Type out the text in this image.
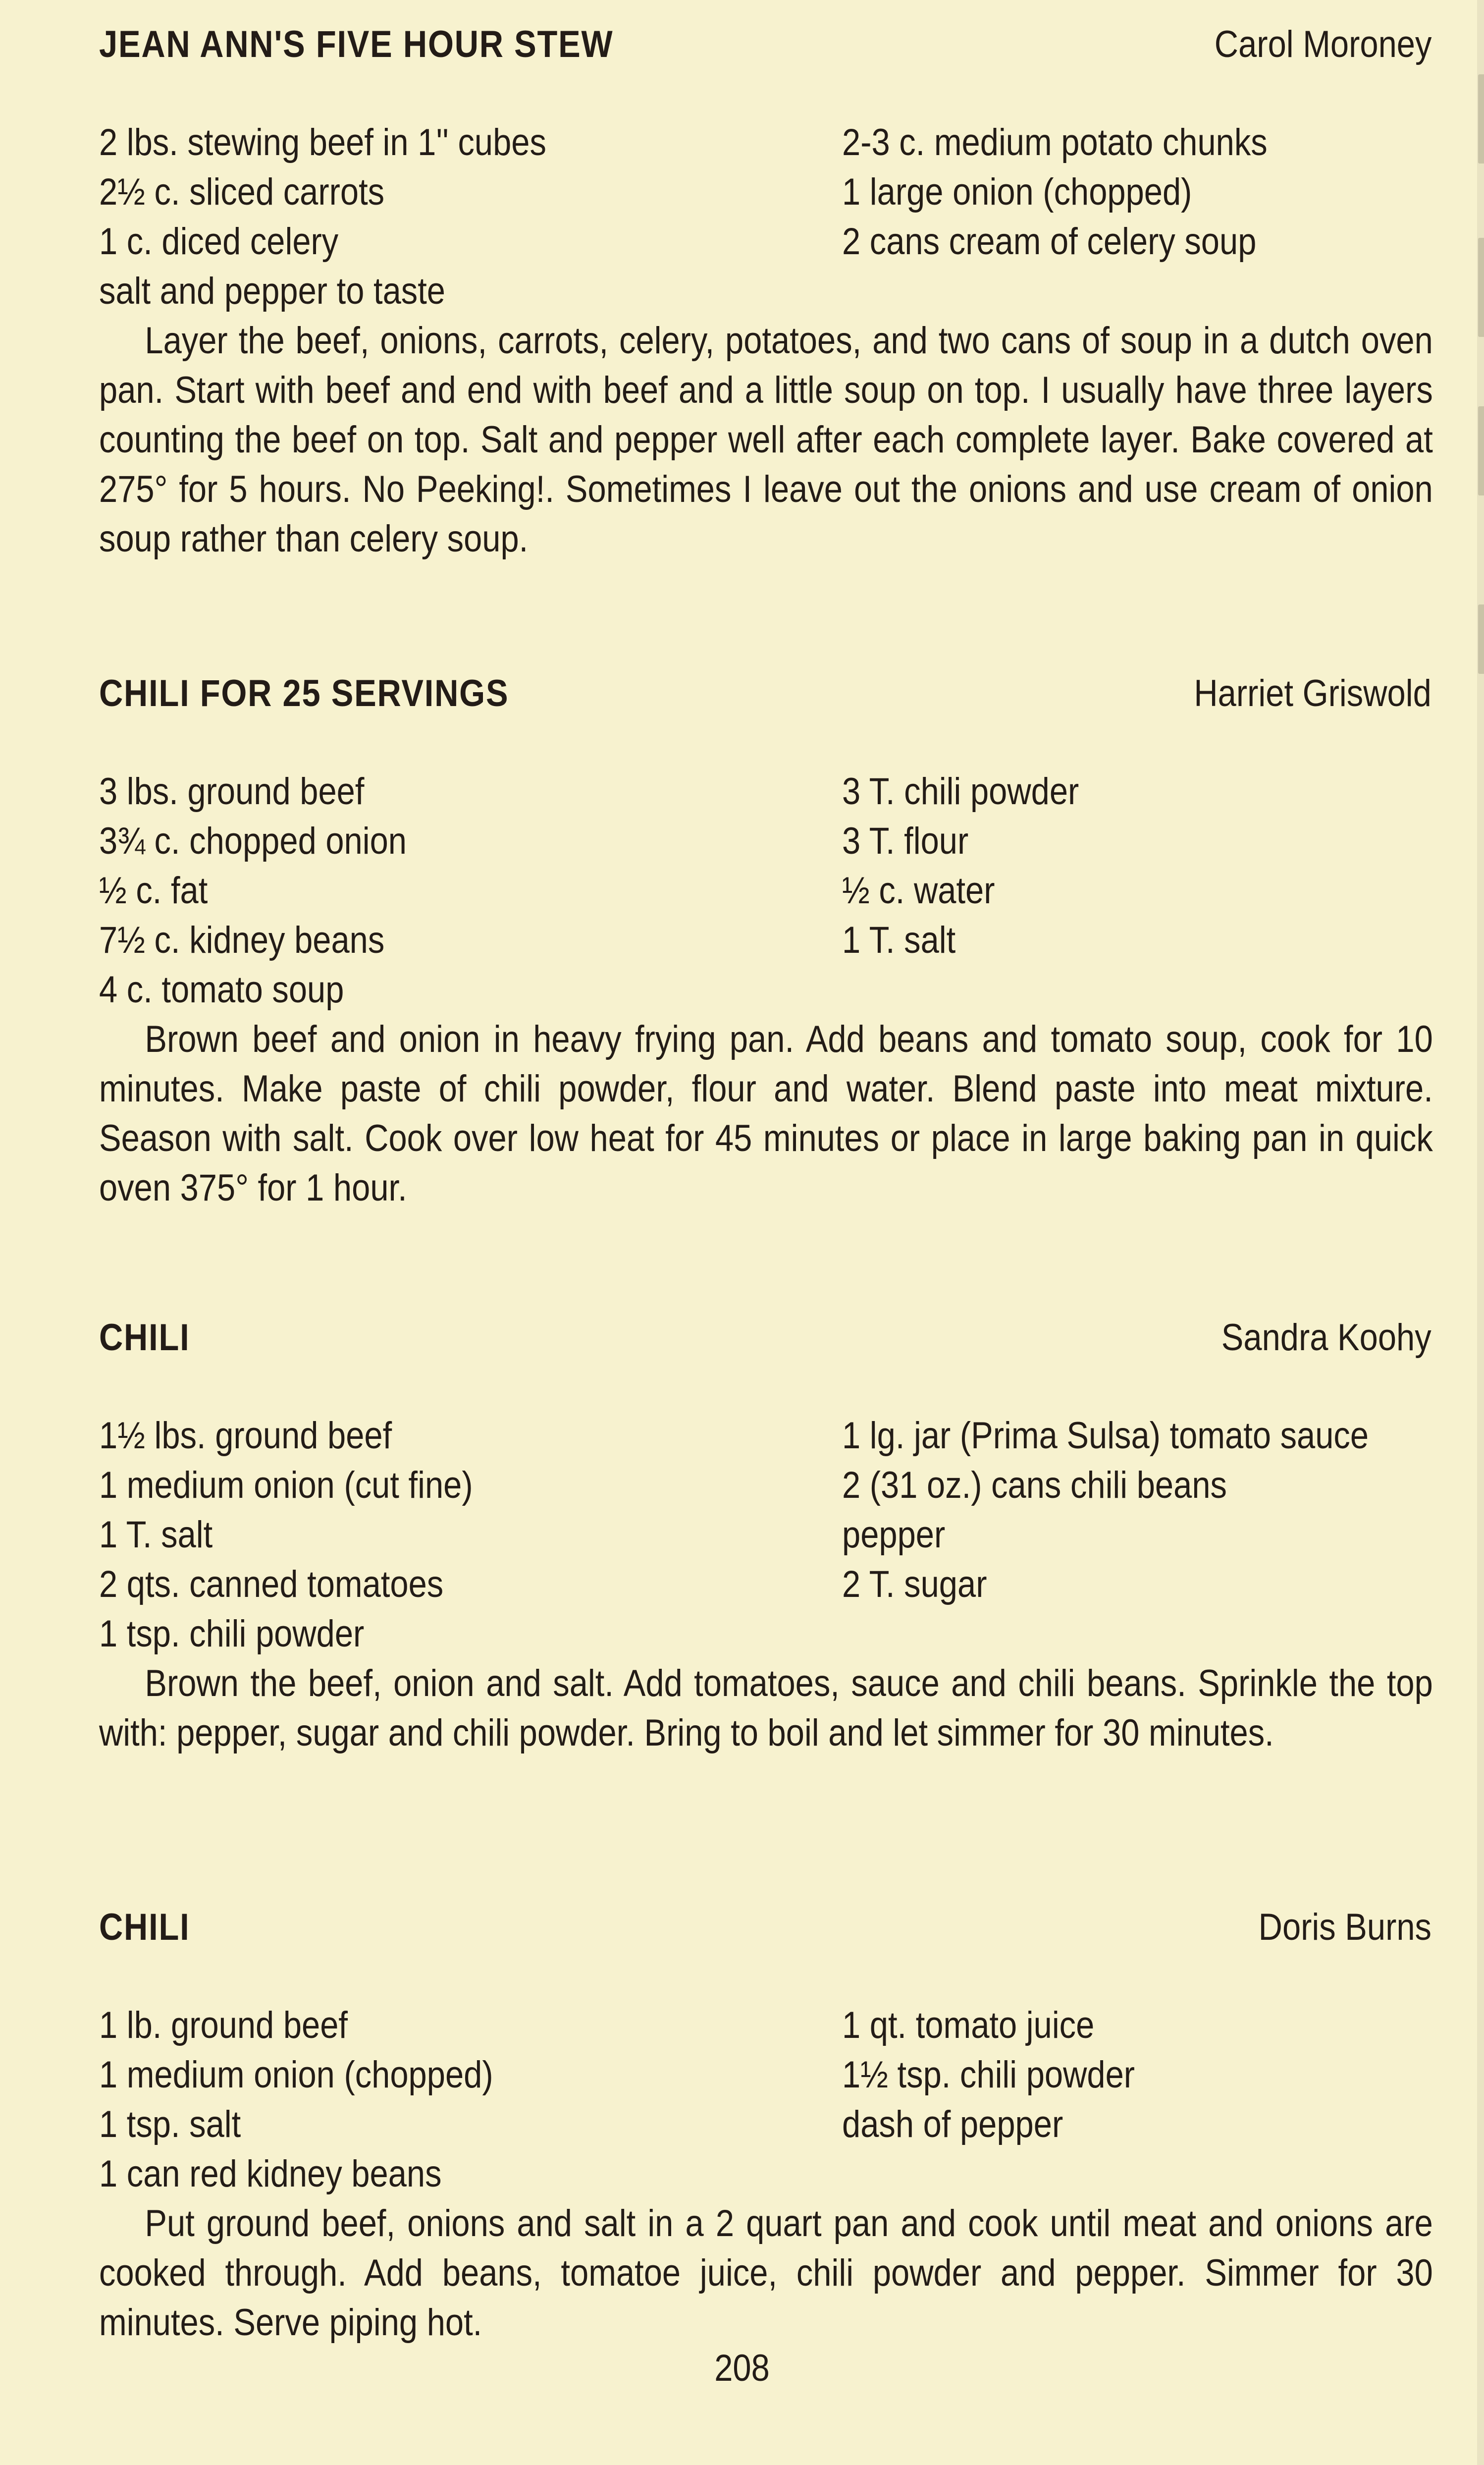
JEAN ANN'S FIVE HOUR STEW	Carol Moroney
2 lbs. stewing beef in 1'' cubes
2½ c. sliced carrots
1 c. diced celery
salt and pepper to taste
2-3 c. medium potato chunks
1 large onion (chopped)
2 cans cream of celery soup

Layer the beef, onions, carrots, celery, potatoes, and two cans of soup in a dutch oven pan. Start with beef and end with beef and a little soup on top. I usually have three layers counting the beef on top. Salt and pepper well after each complete layer. Bake covered at 275° for 5 hours. No Peeking!. Sometimes I leave out the onions and use cream of onion soup rather than celery soup.

CHILI FOR 25 SERVINGS	Harriet Griswold
3 lbs. ground beef
3¾ c. chopped onion
½ c. fat
7½ c. kidney beans
4 c. tomato soup
3 T. chili powder
3 T. flour
½ c. water
1 T. salt

Brown beef and onion in heavy frying pan. Add beans and tomato soup, cook for 10 minutes. Make paste of chili powder, flour and water. Blend paste into meat mixture. Season with salt. Cook over low heat for 45 minutes or place in large baking pan in quick oven 375° for 1 hour.

CHILI	Sandra Koohy
1½ lbs. ground beef
1 medium onion (cut fine)
1 T. salt
2 qts. canned tomatoes
1 tsp. chili powder
1 lg. jar (Prima Sulsa) tomato sauce
2 (31 oz.) cans chili beans
pepper
2 T. sugar

Brown the beef, onion and salt. Add tomatoes, sauce and chili beans. Sprinkle the top with: pepper, sugar and chili powder. Bring to boil and let simmer for 30 minutes.

CHILI	Doris Burns
1 lb. ground beef
1 medium onion (chopped)
1 tsp. salt
1 can red kidney beans
1 qt. tomato juice
1½ tsp. chili powder
dash of pepper

Put ground beef, onions and salt in a 2 quart pan and cook until meat and onions are cooked through. Add beans, tomatoe juice, chili powder and pepper. Simmer for 30 minutes. Serve piping hot.

208
